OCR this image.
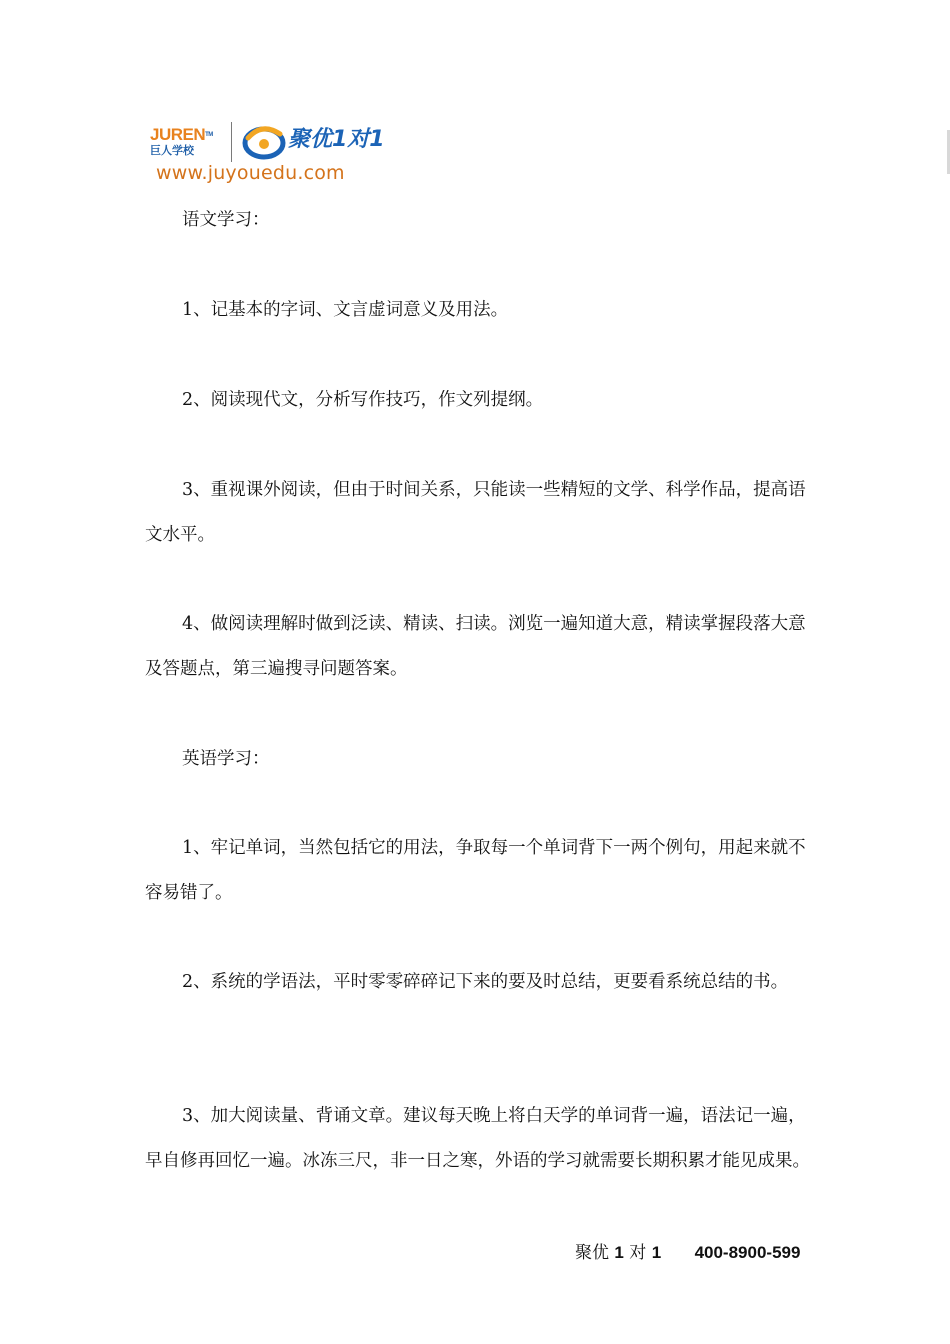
JUREN™
巨人学校	聚优1对1
www.juyouedu.com
语文学习：
1、记基本的字词、文言虚词意义及用法。
2、阅读现代文，分析写作技巧，作文列提纲。
3、重视课外阅读，但由于时间关系，只能读一些精短的文学、科学作品，提高语文水平。
4、做阅读理解时做到泛读、精读、扫读。浏览一遍知道大意，精读掌握段落大意及答题点，第三遍搜寻问题答案。
英语学习：
1、牢记单词，当然包括它的用法，争取每一个单词背下一两个例句，用起来就不容易错了。
2、系统的学语法，平时零零碎碎记下来的要及时总结，更要看系统总结的书。
3、加大阅读量、背诵文章。建议每天晚上将白天学的单词背一遍，语法记一遍，早自修再回忆一遍。冰冻三尺，非一日之寒，外语的学习就需要长期积累才能见成果。
聚优 1 对 1 400-8900-599
